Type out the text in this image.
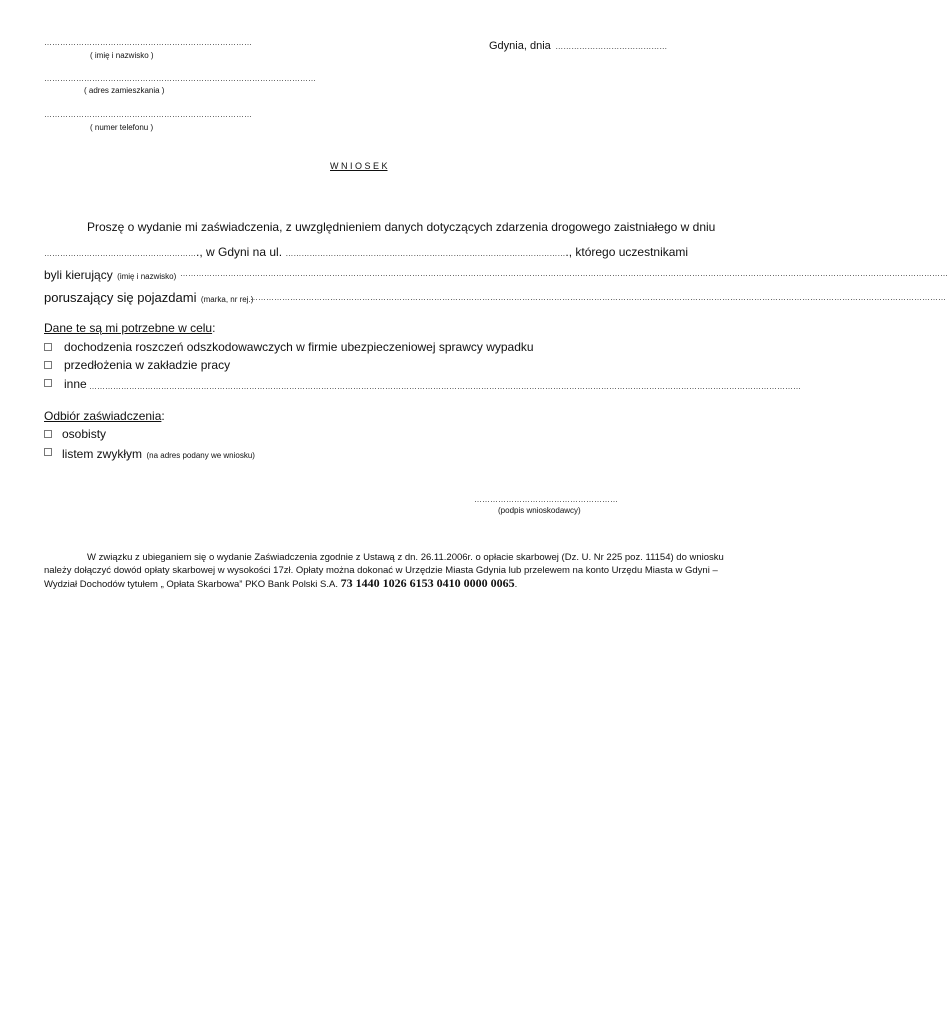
……………………………………………………………………
( imię i nazwisko )
…………………………………………………………………………………………
( adres zamieszkania )
……………………………………………………………………
( numer telefonu )
Gdynia, dnia ……………………………………
W N I O S E K
Proszę o wydanie mi zaświadczenia, z uwzględnieniem danych dotyczących zdarzenia drogowego zaistniałego w dniu
…………………………………………………., w Gdyni na ul. ……………………………………………………………………………………………., którego uczestnikami
byli kierujący (imię i nazwisko) ………………………………………………………………………………………………………………………………………………………………………………………………………………………………………………………………
poruszający się pojazdami (marka, nr rej.)
………………………………………………………………………………………………………………………………………………………………………………………………………………………………………
Dane te są mi potrzebne w celu:
dochodzenia roszczeń odszkodowawczych w firmie ubezpieczeniowej sprawcy wypadku
przedłożenia w zakładzie pracy
inne ……………………………………………………………………………………………………………………………………………………………………………………………………………………………………………
Odbiór zaświadczenia:
osobisty
listem zwykłym (na adres podany we wniosku)
………………………………………………
(podpis wnioskodawcy)
W związku z ubieganiem się o wydanie Zaświadczenia zgodnie z Ustawą z dn. 26.11.2006r. o opłacie skarbowej (Dz. U. Nr 225 poz. 11154) do wniosku
należy dołączyć dowód opłaty skarbowej w wysokości 17zł. Opłaty można dokonać w Urzędzie Miasta Gdynia lub przelewem na konto Urzędu Miasta w Gdyni –
Wydział Dochodów tytułem „ Opłata Skarbowa” PKO Bank Polski S.A. 73 1440 1026 6153 0410 0000 0065.
